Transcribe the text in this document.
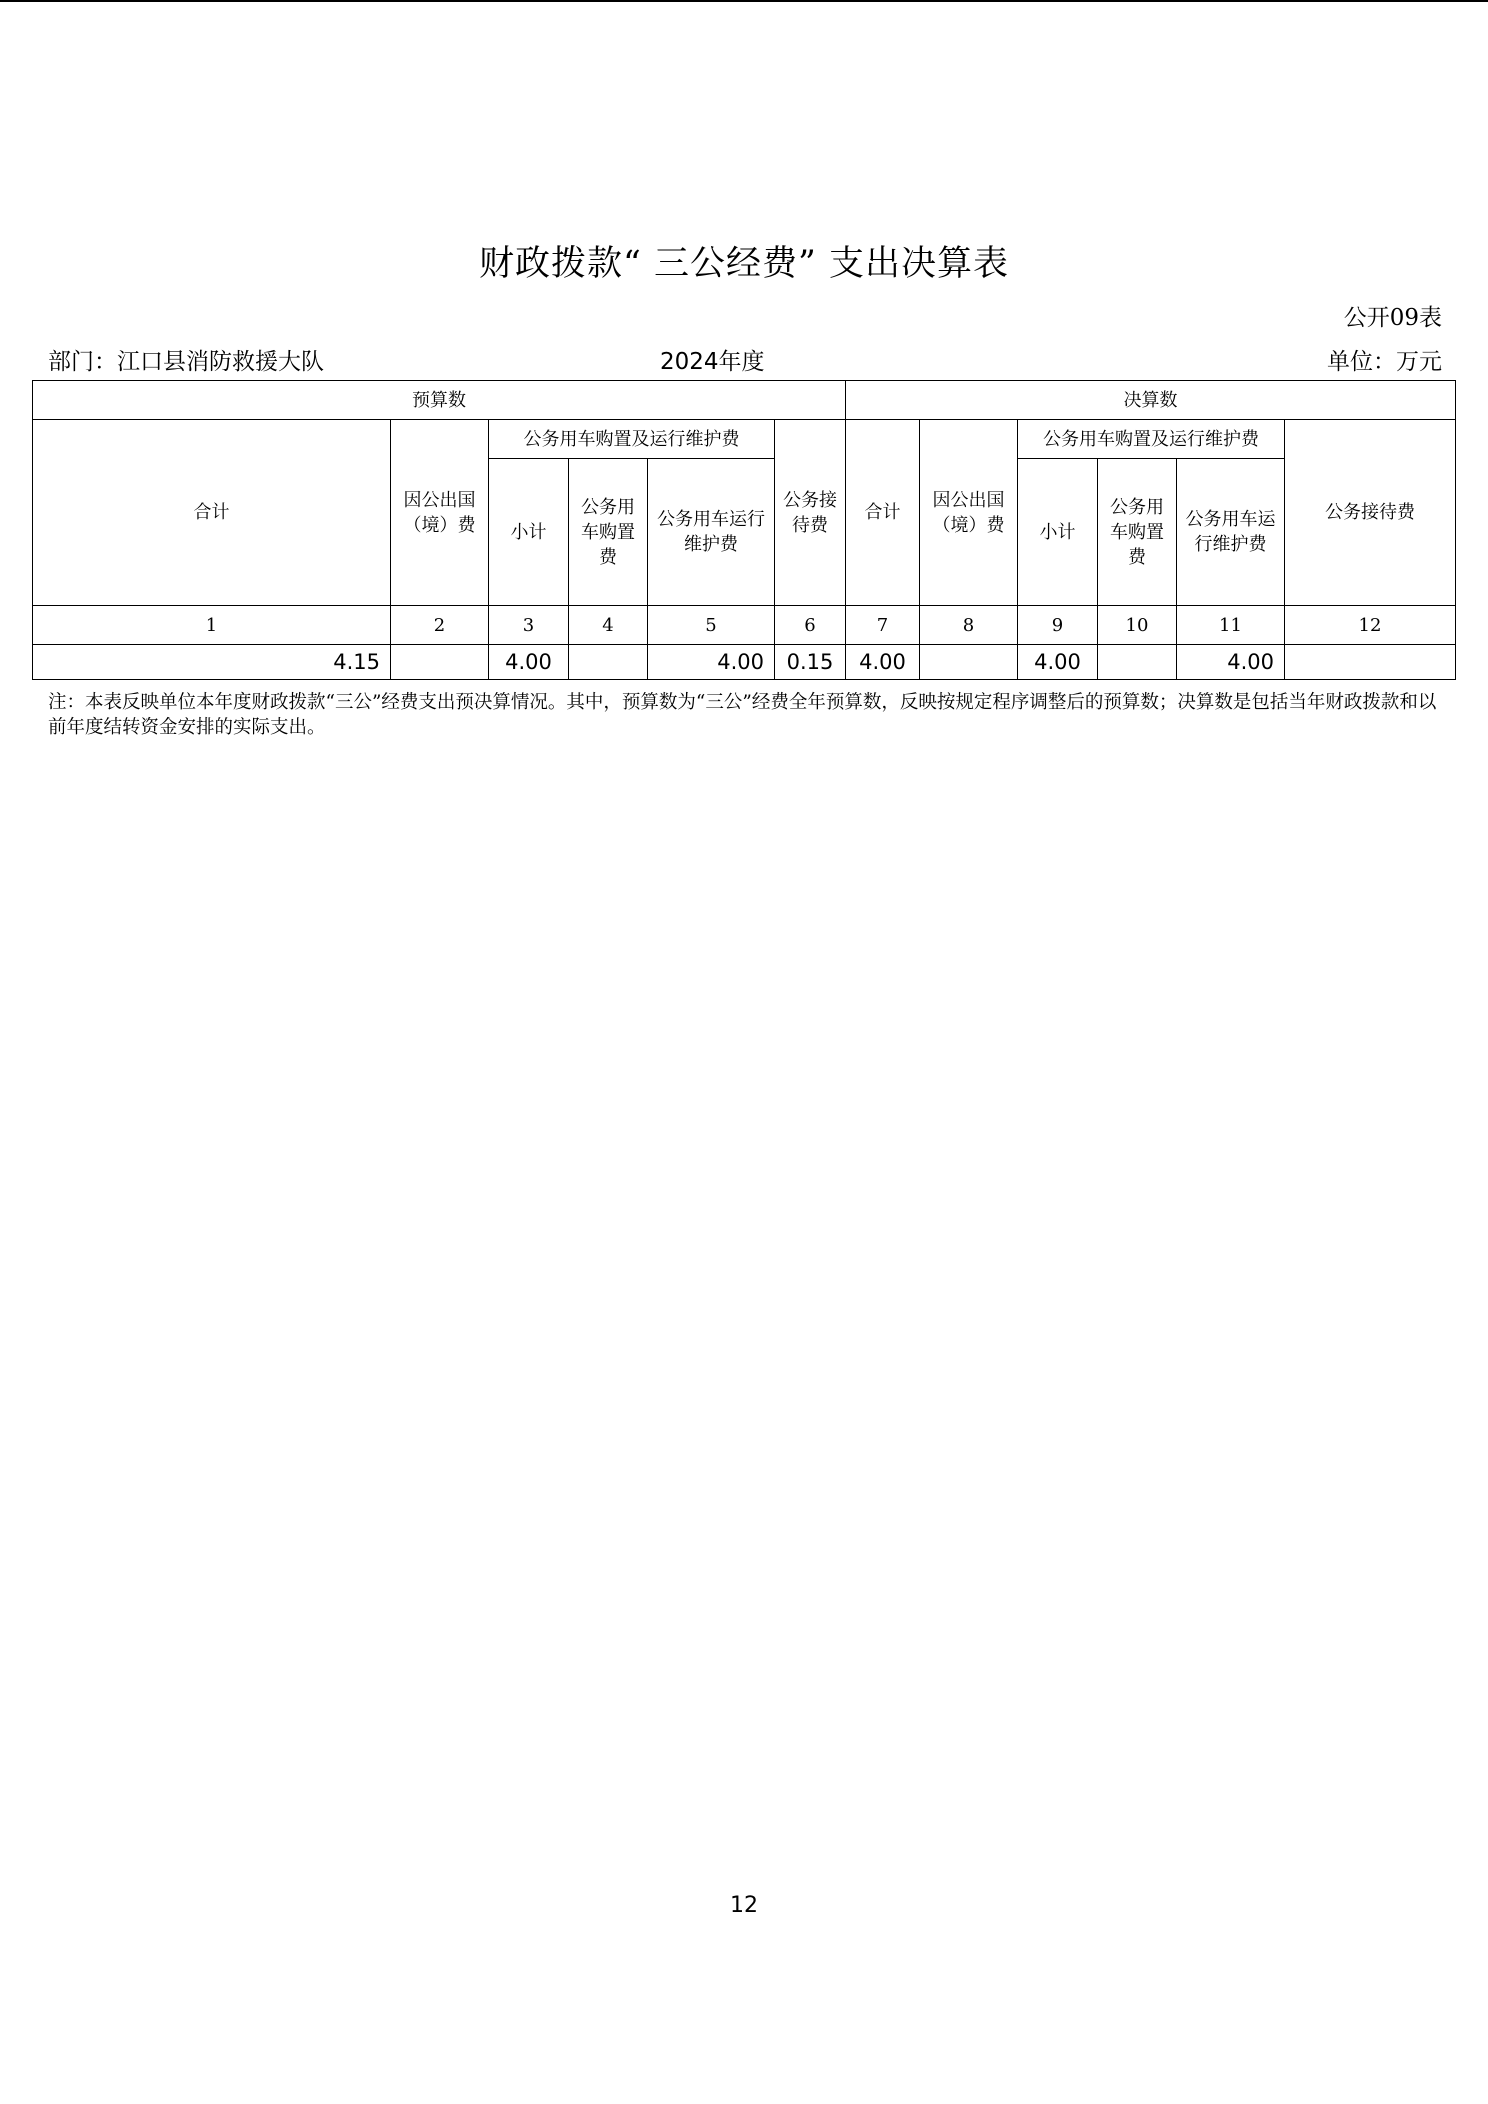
财政拨款“ 三公经费” 支出决算表
公开09表
部门：江口县消防救援大队	2024年度	单位：万元
预算数						决算数					
合计	因公出国（境）费	公务用车购置及运行维护费			公务接待费	合计	因公出国（境）费	公务用车购置及运行维护费			公务接待费
		小计	公务用车购置费	公务用车运行维护费				小计	公务用车购置费	公务用车运行维护费	
1	2	3	4	5	6	7	8	9	10	11	12
4.15		4.00		4.00	0.15	4.00		4.00		4.00	
注：本表反映单位本年度财政拨款“三公”经费支出预决算情况。其中，预算数为“三公”经费全年预算数，反映按规定程序调整后的预算数；决算数是包括当年财政拨款和以前年度结转资金安排的实际支出。
12
